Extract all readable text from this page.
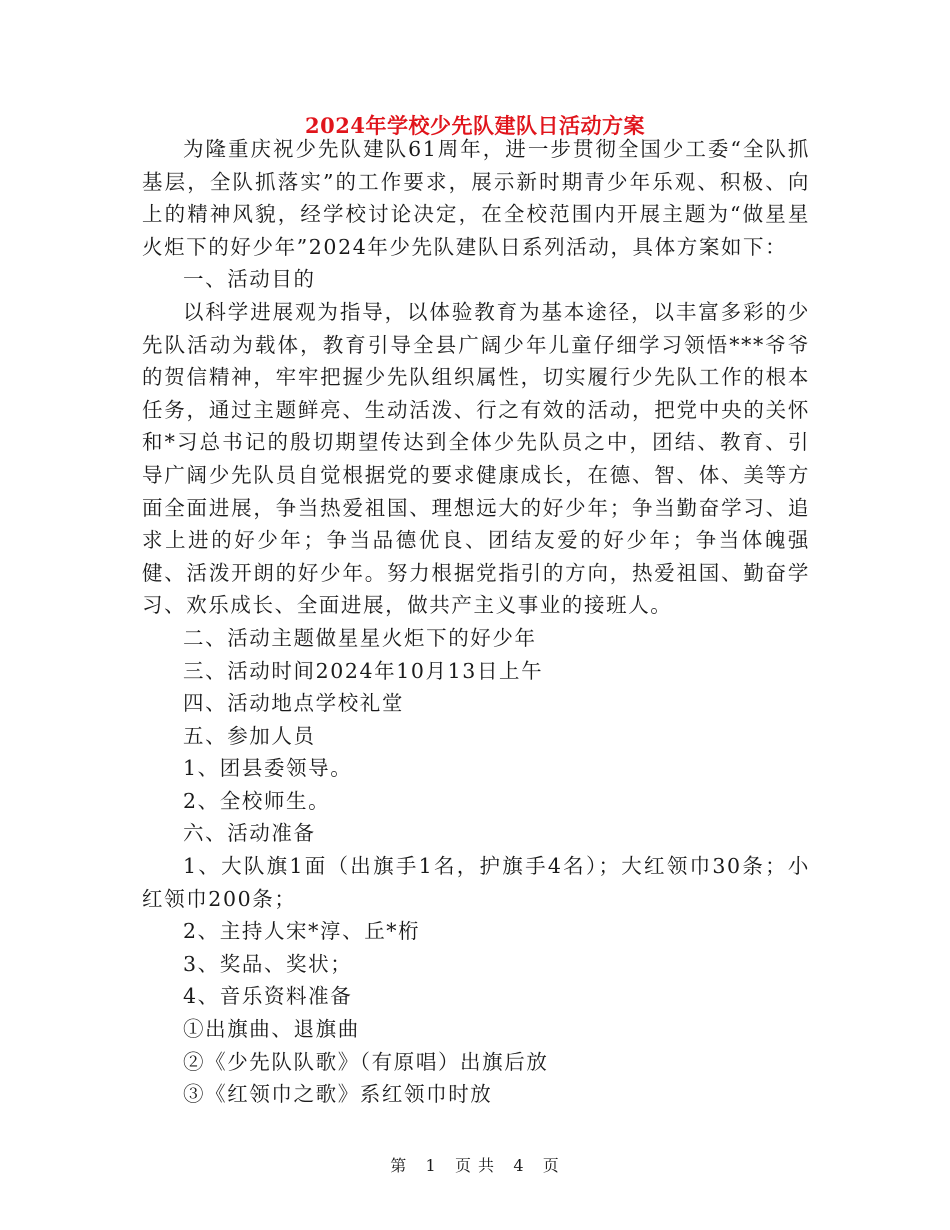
2024年学校少先队建队日活动方案

为隆重庆祝少先队建队61周年，进一步贯彻全国少工委“全队抓基层，全队抓落实”的工作要求，展示新时期青少年乐观、积极、向上的精神风貌，经学校讨论决定，在全校范围内开展主题为“做星星火炬下的好少年”2024年少先队建队日系列活动，具体方案如下：

一、活动目的

以科学进展观为指导，以体验教育为基本途径，以丰富多彩的少先队活动为载体，教育引导全县广阔少年儿童仔细学习领悟***爷爷的贺信精神，牢牢把握少先队组织属性，切实履行少先队工作的根本任务，通过主题鲜亮、生动活泼、行之有效的活动，把党中央的关怀和*习总书记的殷切期望传达到全体少先队员之中，团结、教育、引导广阔少先队员自觉根据党的要求健康成长，在德、智、体、美等方面全面进展，争当热爱祖国、理想远大的好少年；争当勤奋学习、追求上进的好少年；争当品德优良、团结友爱的好少年；争当体魄强健、活泼开朗的好少年。努力根据党指引的方向，热爱祖国、勤奋学习、欢乐成长、全面进展，做共产主义事业的接班人。

二、活动主题做星星火炬下的好少年

三、活动时间2024年10月13日上午

四、活动地点学校礼堂

五、参加人员

1、团县委领导。

2、全校师生。

六、活动准备

1、大队旗1面（出旗手1名，护旗手4名）；大红领巾30条；小红领巾200条；

2、主持人宋*淳、丘*桁

3、奖品、奖状；

4、音乐资料准备

①出旗曲、退旗曲

②《少先队队歌》（有原唱）出旗后放

③《红领巾之歌》系红领巾时放

第 1 页 共 4 页
